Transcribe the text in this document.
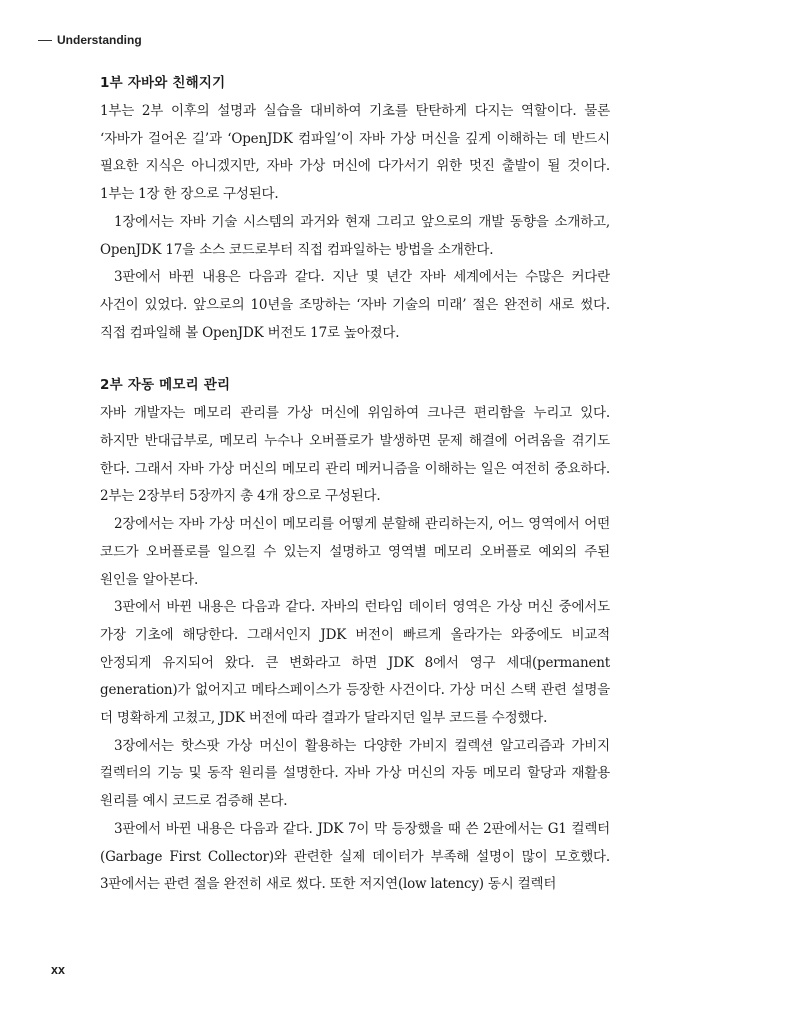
Understanding
1부 자바와 친해지기

1부는 2부 이후의 설명과 실습을 대비하여 기초를 탄탄하게 다지는 역할이다. 물론 ‘자바가 걸어온 길’과 ‘OpenJDK 컴파일’이 자바 가상 머신을 깊게 이해하는 데 반드시 필요한 지식은 아니겠지만, 자바 가상 머신에 다가서기 위한 멋진 출발이 될 것이다. 1부는 1장 한 장으로 구성된다.

1장에서는 자바 기술 시스템의 과거와 현재 그리고 앞으로의 개발 동향을 소개하고, OpenJDK 17을 소스 코드로부터 직접 컴파일하는 방법을 소개한다.

3판에서 바뀐 내용은 다음과 같다. 지난 몇 년간 자바 세계에서는 수많은 커다란 사건이 있었다. 앞으로의 10년을 조망하는 ‘자바 기술의 미래’ 절은 완전히 새로 썼다. 직접 컴파일해 볼 OpenJDK 버전도 17로 높아졌다.

2부 자동 메모리 관리

자바 개발자는 메모리 관리를 가상 머신에 위임하여 크나큰 편리함을 누리고 있다. 하지만 반대급부로, 메모리 누수나 오버플로가 발생하면 문제 해결에 어려움을 겪기도 한다. 그래서 자바 가상 머신의 메모리 관리 메커니즘을 이해하는 일은 여전히 중요하다. 2부는 2장부터 5장까지 총 4개 장으로 구성된다.

2장에서는 자바 가상 머신이 메모리를 어떻게 분할해 관리하는지, 어느 영역에서 어떤 코드가 오버플로를 일으킬 수 있는지 설명하고 영역별 메모리 오버플로 예외의 주된 원인을 알아본다.

3판에서 바뀐 내용은 다음과 같다. 자바의 런타임 데이터 영역은 가상 머신 중에서도 가장 기초에 해당한다. 그래서인지 JDK 버전이 빠르게 올라가는 와중에도 비교적 안정되게 유지되어 왔다. 큰 변화라고 하면 JDK 8에서 영구 세대(permanent generation)가 없어지고 메타스페이스가 등장한 사건이다. 가상 머신 스택 관련 설명을 더 명확하게 고쳤고, JDK 버전에 따라 결과가 달라지던 일부 코드를 수정했다.

3장에서는 핫스팟 가상 머신이 활용하는 다양한 가비지 컬렉션 알고리즘과 가비지 컬렉터의 기능 및 동작 원리를 설명한다. 자바 가상 머신의 자동 메모리 할당과 재활용 원리를 예시 코드로 검증해 본다.

3판에서 바뀐 내용은 다음과 같다. JDK 7이 막 등장했을 때 쓴 2판에서는 G1 컬렉터(Garbage First Collector)와 관련한 실제 데이터가 부족해 설명이 많이 모호했다. 3판에서는 관련 절을 완전히 새로 썼다. 또한 저지연(low latency) 동시 컬렉터

xx
